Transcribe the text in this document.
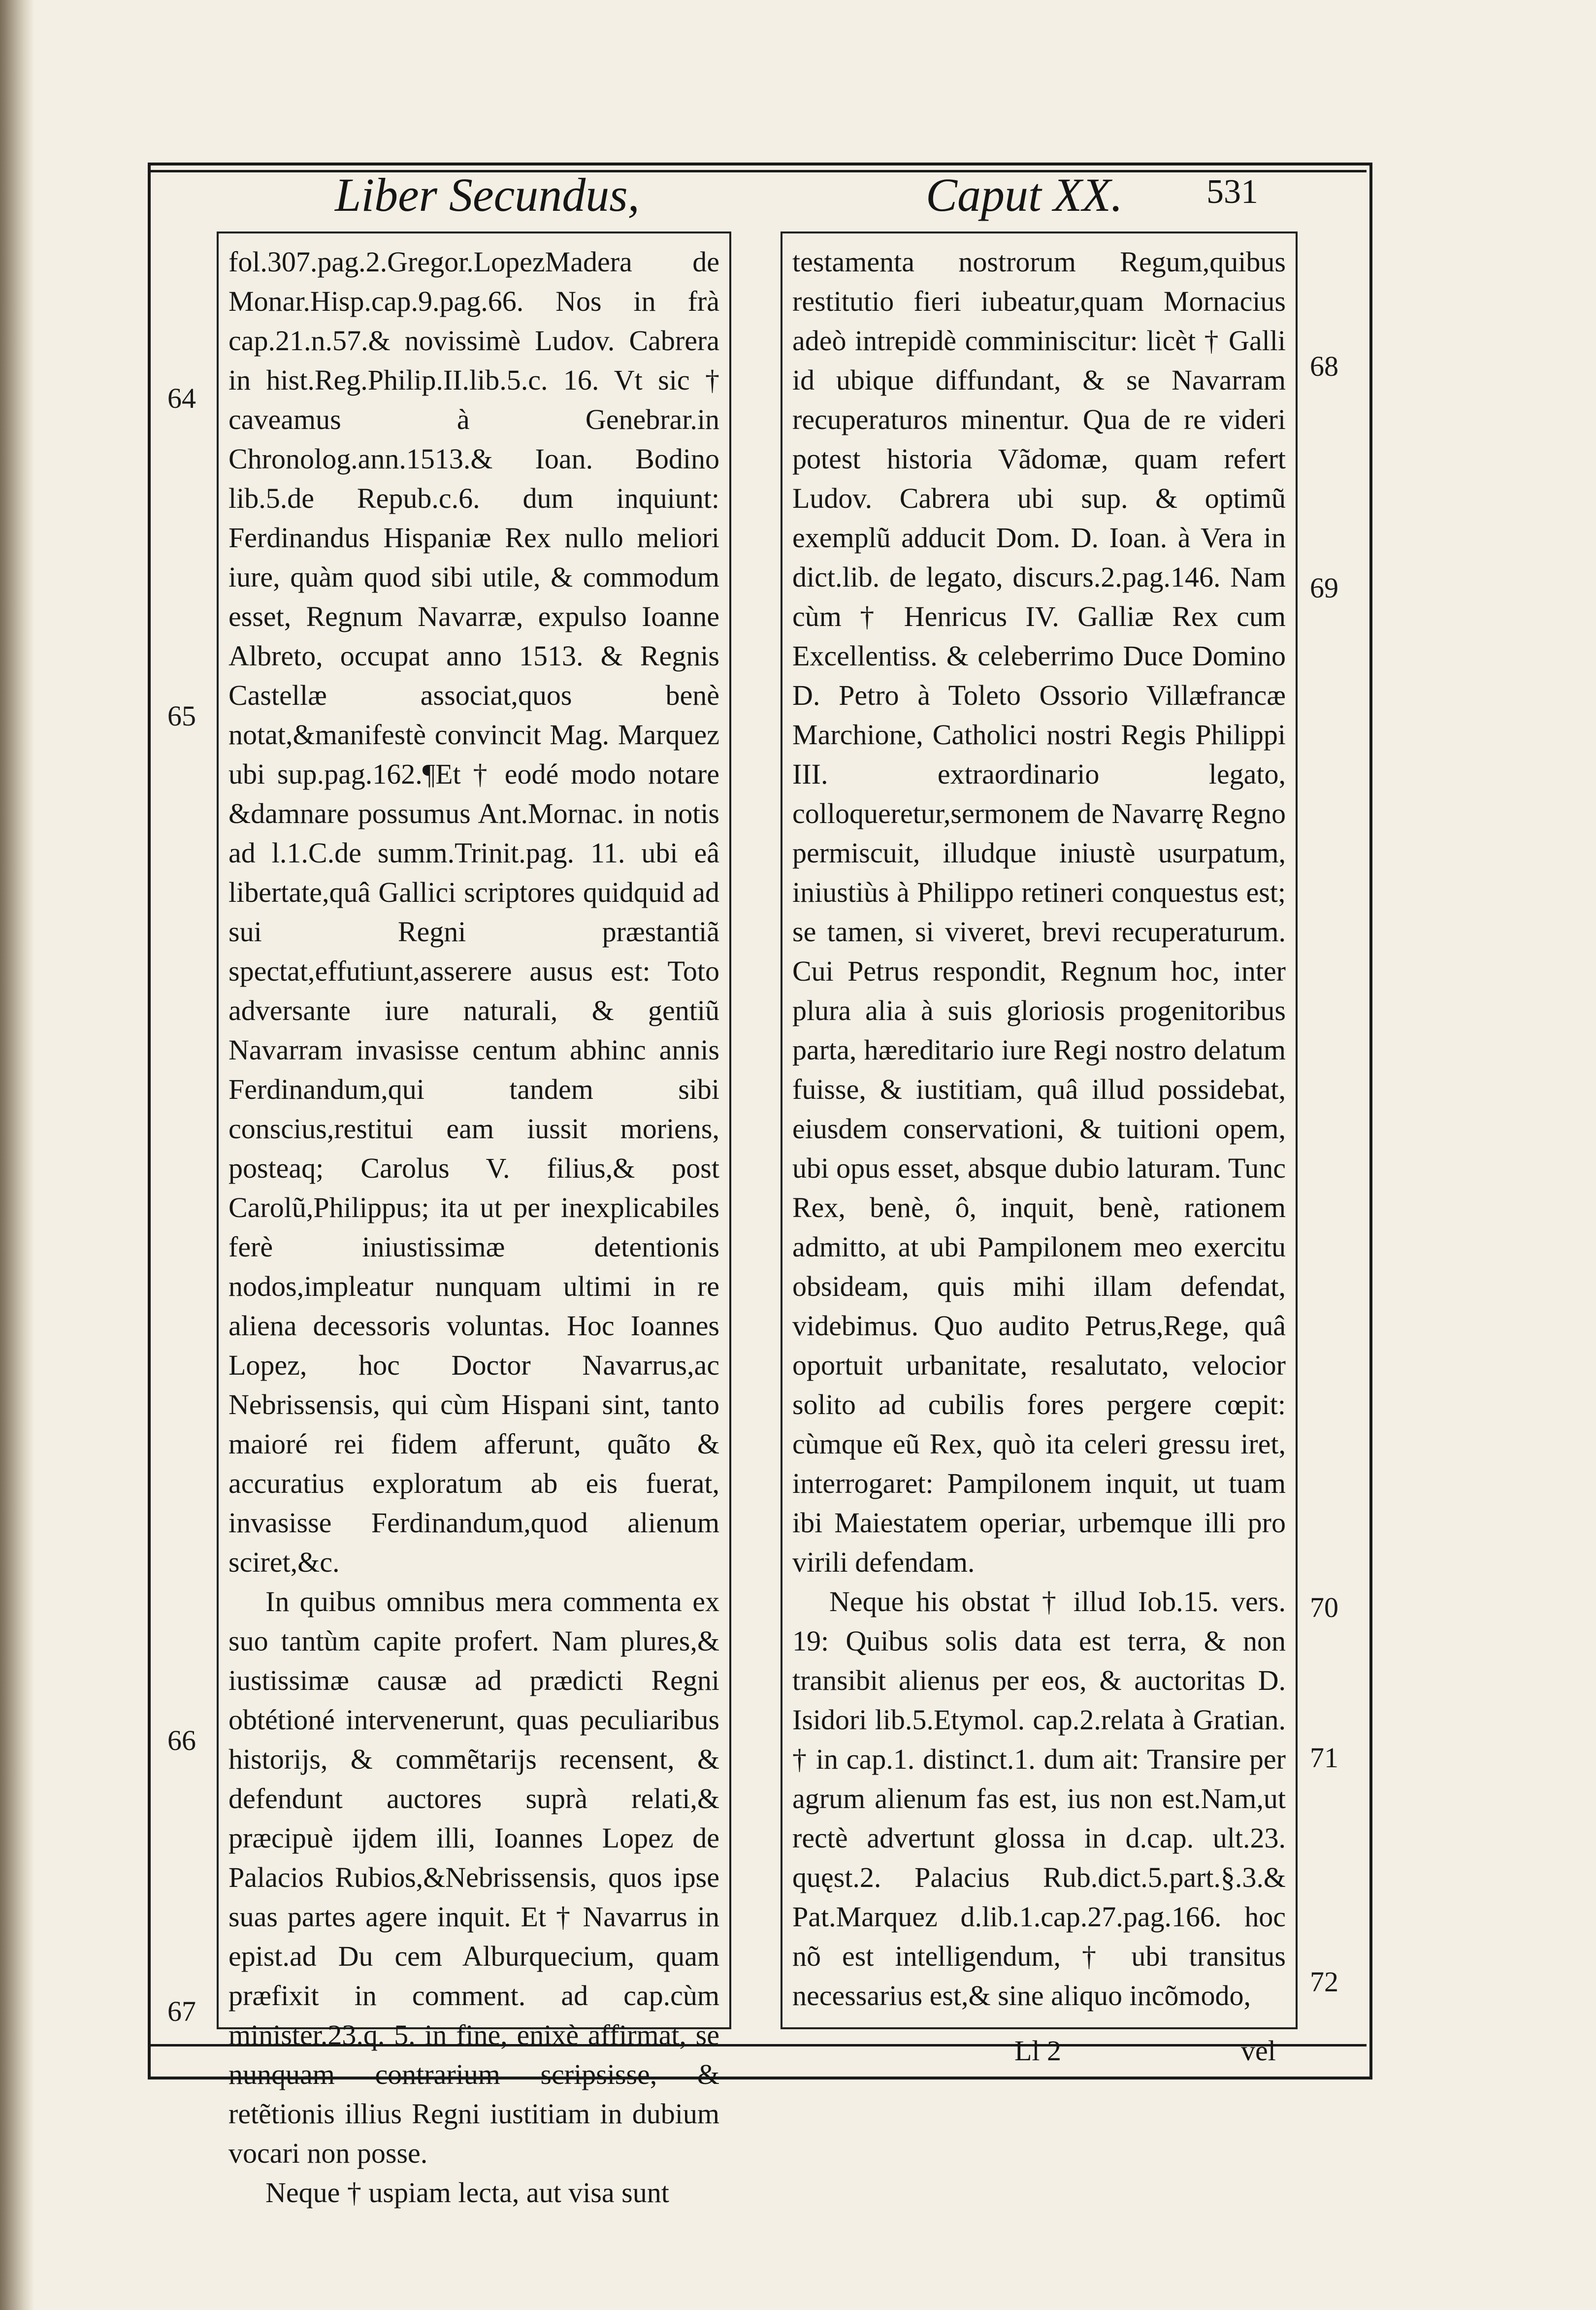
Liber Secundus,	Caput XX. 531

fol.307.pag.2.Gregor.LopezMadera de Monar.Hisp.cap.9.pag.66. Nos in frà cap.21.n.57.& novissimè Ludov. Cabrera in hist.Reg.Philip.II.lib.5.c. 16. Vt sic † caveamus à Genebrar.in Chronolog.ann.1513.& Ioan. Bodino lib.5.de Repub.c.6. dum inquiunt: Ferdinandus Hispaniæ Rex nullo meliori iure, quàm quod sibi utile, & commodum esset, Regnum Navarræ, expulso Ioanne Albreto, occupat anno 1513. & Regnis Castellæ associat,quos benè notat,&manifestè convincit Mag. Marquez ubi sup.pag.162.¶Et † eodé modo notare &damnare possumus Ant.Mornac. in notis ad l.1.C.de summ.Trinit.pag. 11. ubi eâ libertate,quâ Gallici scriptores quidquid ad sui Regni præstantiã spectat,effutiunt,asserere ausus est: Toto adversante iure naturali, & gentiũ Navarram invasisse centum abhinc annis Ferdinandum,qui tandem sibi conscius,restitui eam iussit moriens, posteaq; Carolus V. filius,& post Carolũ,Philippus; ita ut per inexplicabiles ferè iniustissimæ detentionis nodos,impleatur nunquam ultimi in re aliena decessoris voluntas. Hoc Ioannes Lopez, hoc Doctor Navarrus,ac Nebrissensis, qui cùm Hispani sint, tanto maioré rei fidem afferunt, quãto & accuratius exploratum ab eis fuerat, invasisse Ferdinandum,quod alienum sciret,&c.

In quibus omnibus mera commenta ex suo tantùm capite profert. Nam plures,& iustissimæ causæ ad prædicti Regni obtétioné intervenerunt, quas peculiaribus historijs, & commẽtarijs recensent, & defendunt auctores suprà relati,& præcipuè ijdem illi, Ioannes Lopez de Palacios Rubios,&Nebrissensis, quos ipse suas partes agere inquit. Et † Navarrus in epist.ad Du cem Alburquecium, quam præfixit in comment. ad cap.cùm minister.23.q. 5. in fine, enixè affirmat, se nunquam contrarium scripsisse, & retẽtionis illius Regni iustitiam in dubium vocari non posse.

Neque † uspiam lecta, aut visa sunt

testamenta nostrorum Regum,quibus restitutio fieri iubeatur,quam Mornacius adeò intrepidè comminiscitur: licèt † Galli id ubique diffundant, & se Navarram recuperaturos minentur. Qua de re videri potest historia Vãdomæ, quam refert Ludov. Cabrera ubi sup. & optimũ exemplũ adducit Dom. D. Ioan. à Vera in dict.lib. de legato, discurs.2.pag.146. Nam cùm † Henricus IV. Galliæ Rex cum Excellentiss. & celeberrimo Duce Domino D. Petro à Toleto Ossorio Villæfrancæ Marchione, Catholici nostri Regis Philippi III. extraordinario legato, colloqueretur,sermonem de Navarrę Regno permiscuit, illudque iniustè usurpatum, iniustiùs à Philippo retineri conquestus est; se tamen, si viveret, brevi recuperaturum. Cui Petrus respondit, Regnum hoc, inter plura alia à suis gloriosis progenitoribus parta, hæreditario iure Regi nostro delatum fuisse, & iustitiam, quâ illud possidebat, eiusdem conservationi, & tuitioni opem, ubi opus esset, absque dubio laturam. Tunc Rex, benè, ô, inquit, benè, rationem admitto, at ubi Pampilonem meo exercitu obsideam, quis mihi illam defendat, videbimus. Quo audito Petrus,Rege, quâ oportuit urbanitate, resalutato, velocior solito ad cubilis fores pergere cœpit: cùmque eũ Rex, quò ita celeri gressu iret, interrogaret: Pampilonem inquit, ut tuam ibi Maiestatem operiar, urbemque illi pro virili defendam.

Neque his obstat † illud Iob.15. vers. 19: Quibus solis data est terra, & non transibit alienus per eos, & auctoritas D. Isidori lib.5.Etymol. cap.2.relata à Gratian. † in cap.1. distinct.1. dum ait: Transire per agrum alienum fas est, ius non est.Nam,ut rectè advertunt glossa in d.cap. ult.23. quęst.2. Palacius Rub.dict.5.part.§.3.& Pat.Marquez d.lib.1.cap.27.pag.166. hoc nõ est intelligendum, † ubi transitus necessarius est,& sine aliquo incõmodo,

64
65
66
67
68
69
70
71
72
Ll 2	vel
